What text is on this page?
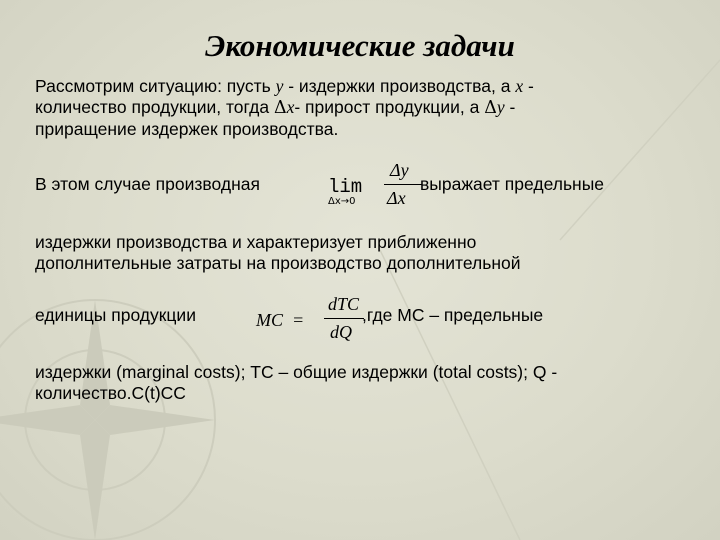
Экономические задачи
Рассмотрим ситуацию: пусть y - издержки производства, а x -
количество продукции, тогда Δx- прирост продукции, а Δy -
приращение издержек производства.
В этом случае производная	lim
Δx→0
Δy
Δx
выражает предельные
издержки производства и характеризует приближенно
дополнительные затраты на производство дополнительной
единицы продукции	MC  =
dTC
dQ
,где МС – предельные
издержки (marginal costs); ТС – общие издержки (total costs); Q -
количество.C(t)CC
